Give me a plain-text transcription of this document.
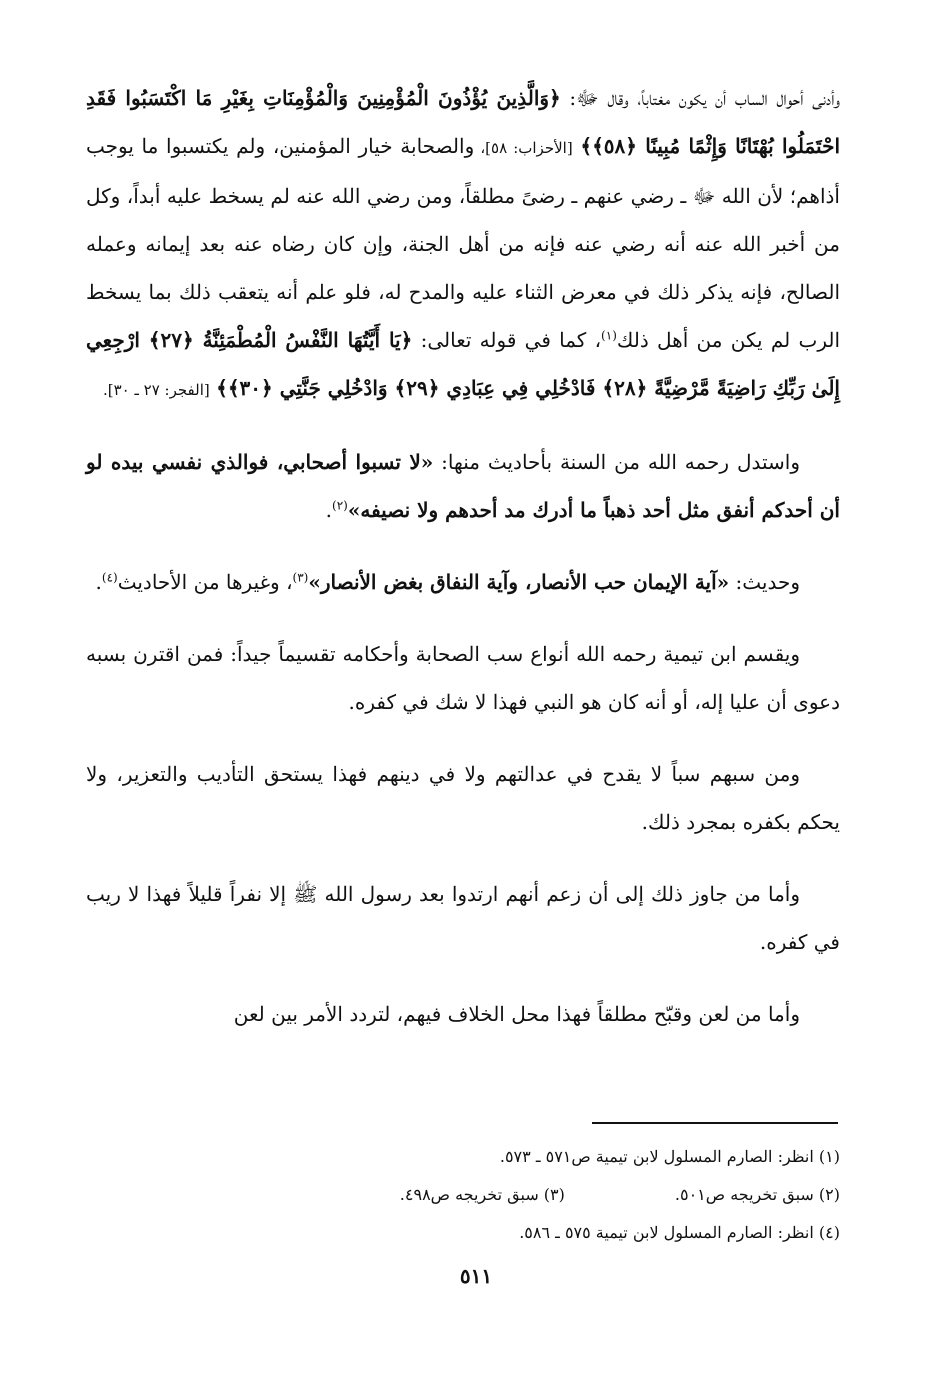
وأدنى أحوال الساب أن يكون مغتاباً، وقال ﷻ: ﴿وَالَّذِينَ يُؤْذُونَ الْمُؤْمِنِينَ وَالْمُؤْمِنَاتِ بِغَيْرِ مَا اكْتَسَبُوا فَقَدِ احْتَمَلُوا بُهْتَانًا وَإِثْمًا مُبِينًا ﴿٥٨﴾﴾ [الأحزاب: ٥٨]، والصحابة خيار المؤمنين، ولم يكتسبوا ما يوجب أذاهم؛ لأن الله ﷻ ـ رضي عنهم ـ رضىً مطلقاً، ومن رضي الله عنه لم يسخط عليه أبداً، وكل من أخبر الله عنه أنه رضي عنه فإنه من أهل الجنة، وإن كان رضاه عنه بعد إيمانه وعمله الصالح، فإنه يذكر ذلك في معرض الثناء عليه والمدح له، فلو علم أنه يتعقب ذلك بما يسخط الرب لم يكن من أهل ذلك$^{(١)}$، كما في قوله تعالى: ﴿يَا أَيَّتُهَا النَّفْسُ الْمُطْمَئِنَّةُ ﴿٢٧﴾ ارْجِعِي إِلَىٰ رَبِّكِ رَاضِيَةً مَّرْضِيَّةً ﴿٢٨﴾ فَادْخُلِي فِي عِبَادِي ﴿٢٩﴾ وَادْخُلِي جَنَّتِي ﴿٣٠﴾﴾ [الفجر: ٢٧ ـ ٣٠].

واستدل رحمه الله من السنة بأحاديث منها: «لا تسبوا أصحابي، فوالذي نفسي بيده لو أن أحدكم أنفق مثل أحد ذهباً ما أدرك مد أحدهم ولا نصيفه»$^{(٢)}$.

وحديث: «آية الإيمان حب الأنصار، وآية النفاق بغض الأنصار»$^{(٣)}$، وغيرها من الأحاديث$^{(٤)}$.

ويقسم ابن تيمية رحمه الله أنواع سب الصحابة وأحكامه تقسيماً جيداً: فمن اقترن بسبه دعوى أن عليا إله، أو أنه كان هو النبي فهذا لا شك في كفره.

ومن سبهم سباً لا يقدح في عدالتهم ولا في دينهم فهذا يستحق التأديب والتعزير، ولا يحكم بكفره بمجرد ذلك.

وأما من جاوز ذلك إلى أن زعم أنهم ارتدوا بعد رسول الله ﷺ إلا نفراً قليلاً فهذا لا ريب في كفره.

وأما من لعن وقبّح مطلقاً فهذا محل الخلاف فيهم، لتردد الأمر بين لعن

(١) انظر: الصارم المسلول لابن تيمية ص٥٧١ ـ ٥٧٣.
(٢) سبق تخريجه ص٥٠١.
(٣) سبق تخريجه ص٤٩٨.
(٤) انظر: الصارم المسلول لابن تيمية ٥٧٥ ـ ٥٨٦.
٥١١
